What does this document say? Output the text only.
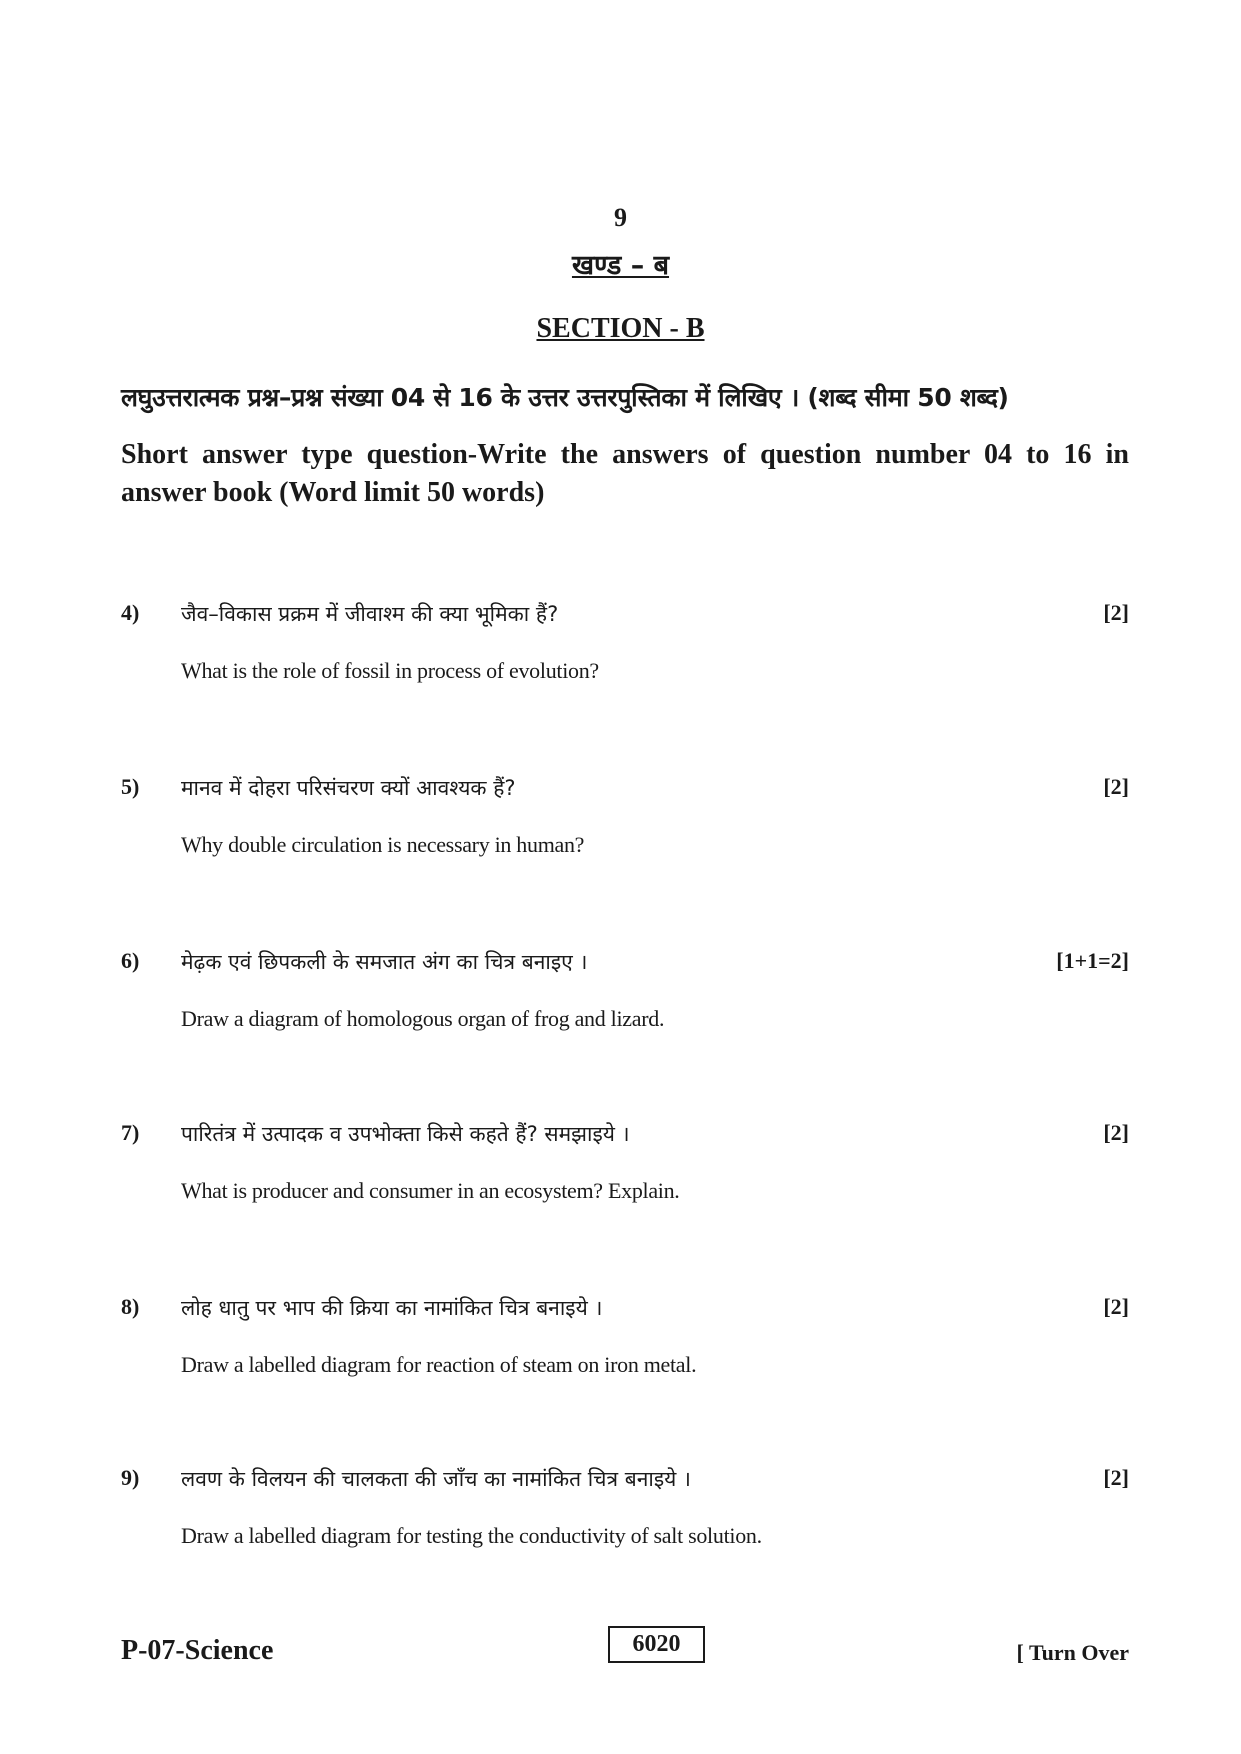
9
खण्ड – ब
SECTION - B
लघुउत्तरात्मक प्रश्न–प्रश्न संख्या 04 से 16 के उत्तर उत्तरपुस्तिका में लिखिए । (शब्द सीमा 50 शब्द)
Short answer type question-Write the answers of question number 04 to 16 in answer book (Word limit 50 words)
4) जैव–विकास प्रक्रम में जीवाश्म की क्या भूमिका हैं?	[2]
What is the role of fossil in process of evolution?
5) मानव में दोहरा परिसंचरण क्यों आवश्यक हैं?	[2]
Why double circulation is necessary in human?
6) मेढ़क एवं छिपकली के समजात अंग का चित्र बनाइए ।	[1+1=2]
Draw a diagram of homologous organ of frog and lizard.
7) पारितंत्र में उत्पादक व उपभोक्ता किसे कहते हैं? समझाइये ।	[2]
What is producer and consumer in an ecosystem? Explain.
8) लोह धातु पर भाप की क्रिया का नामांकित चित्र बनाइये ।	[2]
Draw a labelled diagram for reaction of steam on iron metal.
9) लवण के विलयन की चालकता की जाँच का नामांकित चित्र बनाइये ।	[2]
Draw a labelled diagram for testing the conductivity of salt solution.
P-07-Science	6020	[ Turn Over
